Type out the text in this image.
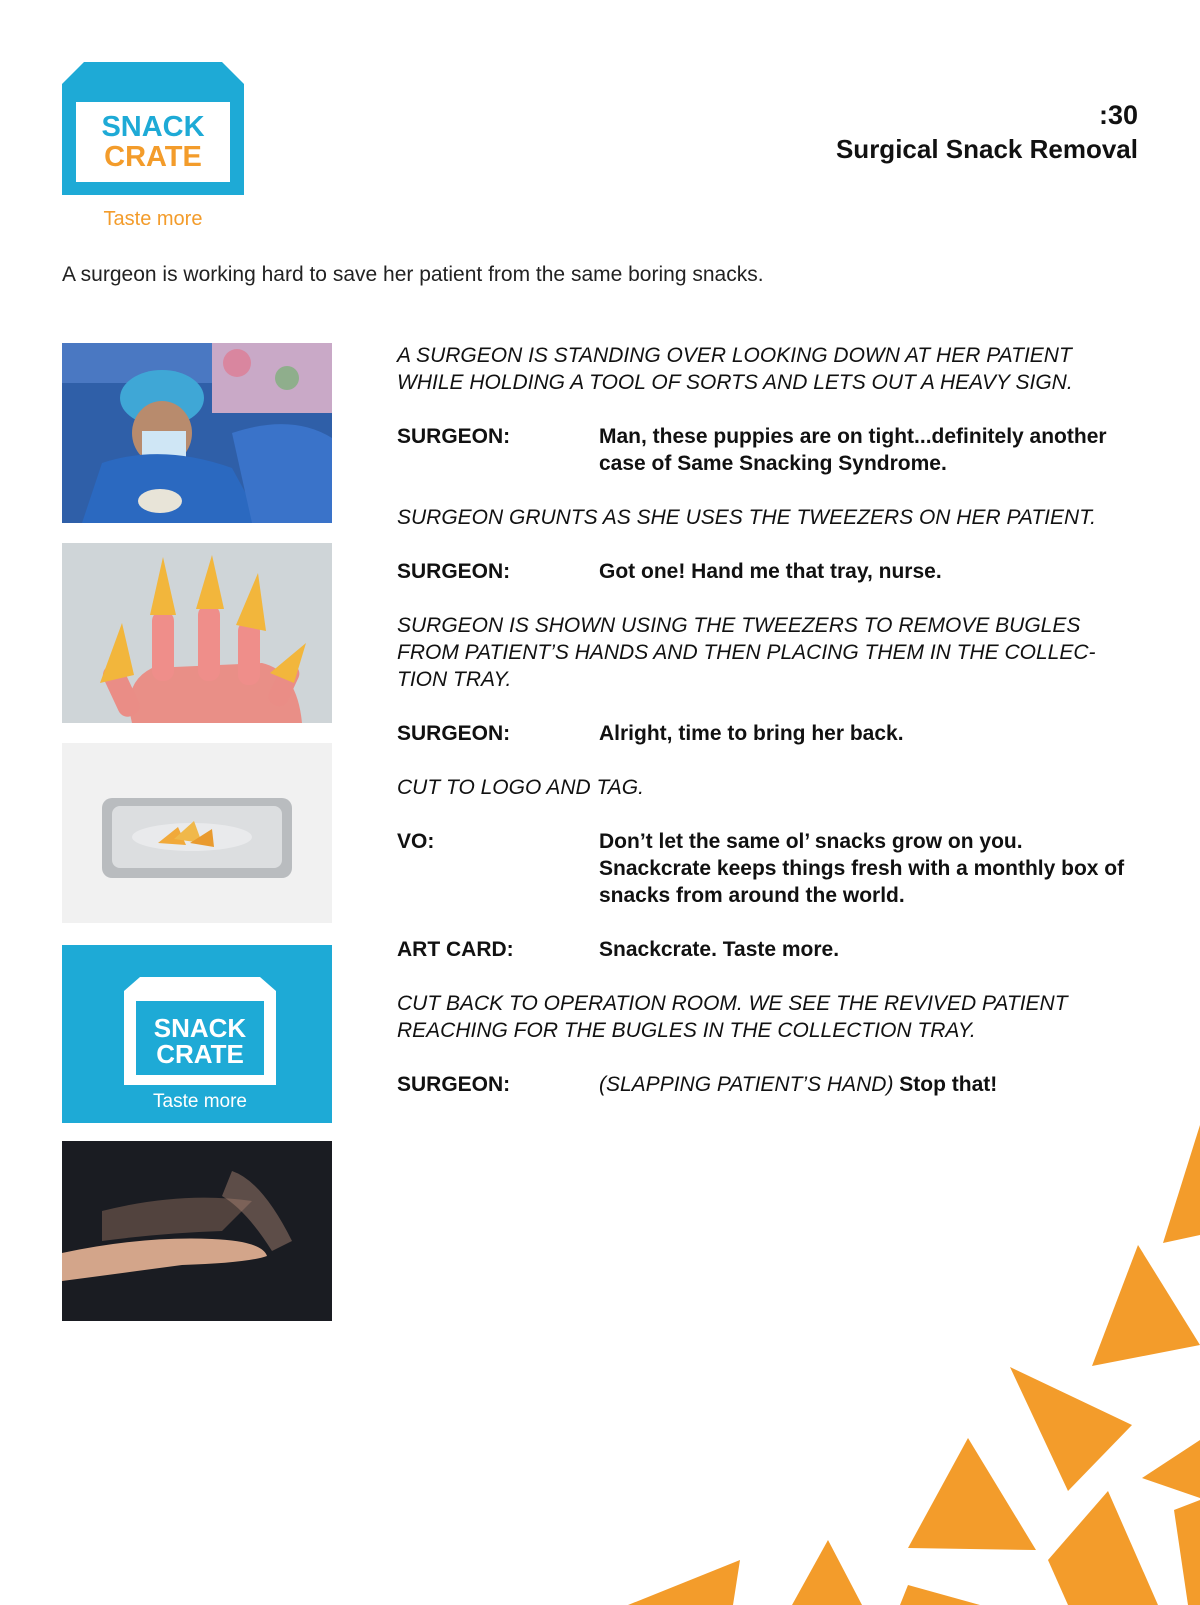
SNACK
CRATE
Taste more
:30
Surgical Snack Removal
A surgeon is working hard to save her patient from the same boring snacks.
SNACK
CRATE
Taste more
A SURGEON IS STANDING OVER LOOKING DOWN AT HER PATIENT WHILE HOLDING A TOOL OF SORTS AND LETS OUT A HEAVY SIGN.
SURGEON:	Man, these puppies are on tight...definitely another case of Same Snacking Syndrome.
SURGEON GRUNTS AS SHE USES THE TWEEZERS ON HER PATIENT.
SURGEON:	Got one! Hand me that tray, nurse.
SURGEON IS SHOWN USING THE TWEEZERS TO REMOVE BUGLES FROM PATIENT’S HANDS AND THEN PLACING THEM IN THE COLLEC-TION TRAY.
SURGEON:	Alright, time to bring her back.
CUT TO LOGO AND TAG.
VO:	Don’t let the same ol’ snacks grow on you. Snackcrate keeps things fresh with a monthly box of snacks from around the world.
ART CARD:	Snackcrate. Taste more.
CUT BACK TO OPERATION ROOM. WE SEE THE REVIVED PATIENT REACHING FOR THE BUGLES IN THE COLLECTION TRAY.
SURGEON:	(SLAPPING PATIENT’S HAND) Stop that!
